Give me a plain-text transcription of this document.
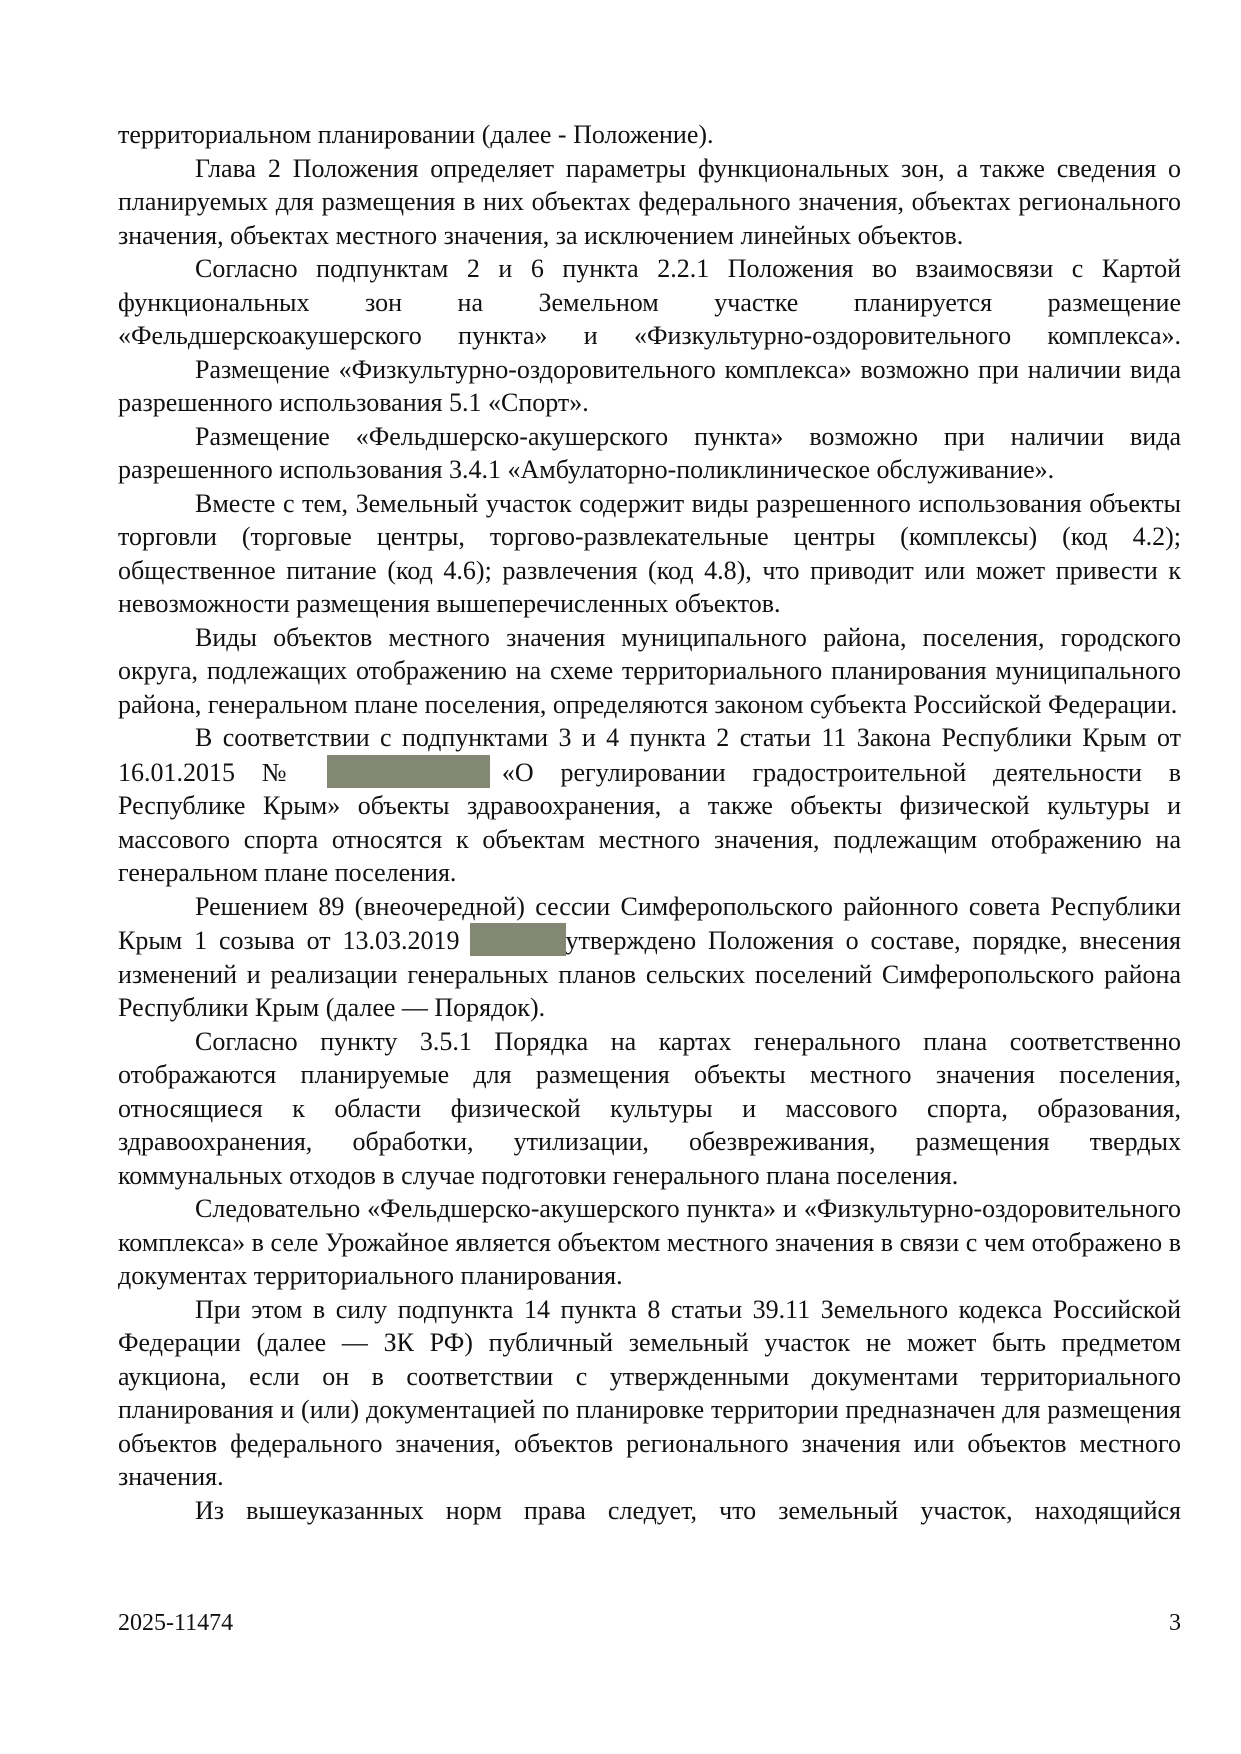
территориальном планировании (далее - Положение).

Глава 2 Положения определяет параметры функциональных зон, а также сведения о планируемых для размещения в них объектах федерального значения, объектах регионального значения, объектах местного значения, за исключением линейных объектов.

Согласно подпунктам 2 и 6 пункта 2.2.1 Положения во взаимосвязи с Картой функциональных зон на Земельном участке планируется размещение «Фельдшерскоакушерского пункта» и «Физкультурно-оздоровительного комплекса».

Размещение «Физкультурно-оздоровительного комплекса» возможно при наличии вида разрешенного использования 5.1 «Спорт».

Размещение «Фельдшерско-акушерского пункта» возможно при наличии вида разрешенного использования 3.4.1 «Амбулаторно-поликлиническое обслуживание».

Вместе с тем, Земельный участок содержит виды разрешенного использования объекты торговли (торговые центры, торгово-развлекательные центры (комплексы) (код 4.2); общественное питание (код 4.6); развлечения (код 4.8), что приводит или может привести к невозможности размещения вышеперечисленных объектов.

Виды объектов местного значения муниципального района, поселения, городского округа, подлежащих отображению на схеме территориального планирования муниципального района, генеральном плане поселения, определяются законом субъекта Российской Федерации.

В соответствии с подпунктами 3 и 4 пункта 2 статьи 11 Закона Республики Крым от 16.01.2015 №	«О регулировании градостроительной деятельности в Республике Крым» объекты здравоохранения, а также объекты физической культуры и массового спорта относятся к объектам местного значения, подлежащим отображению на генеральном плане поселения.

Решением 89 (внеочередной) сессии Симферопольского районного совета Республики Крым 1 созыва от 13.03.2019	утверждено Положения о составе, порядке, внесения изменений и реализации генеральных планов сельских поселений Симферопольского района Республики Крым (далее — Порядок).

Согласно пункту 3.5.1 Порядка на картах генерального плана соответственно отображаются планируемые для размещения объекты местного значения поселения, относящиеся к области физической культуры и массового спорта, образования, здравоохранения, обработки, утилизации, обезвреживания, размещения твердых коммунальных отходов в случае подготовки генерального плана поселения.

Следовательно «Фельдшерско-акушерского пункта» и «Физкультурно-оздоровительного комплекса» в селе Урожайное является объектом местного значения в связи с чем отображено в документах территориального планирования.

При этом в силу подпункта 14 пункта 8 статьи 39.11 Земельного кодекса Российской Федерации (далее — ЗК РФ) публичный земельный участок не может быть предметом аукциона, если он в соответствии с утвержденными документами территориального планирования и (или) документацией по планировке территории предназначен для размещения объектов федерального значения, объектов регионального значения или объектов местного значения.

Из вышеуказанных норм права следует, что земельный участок, находящийся

2025-11474	3
